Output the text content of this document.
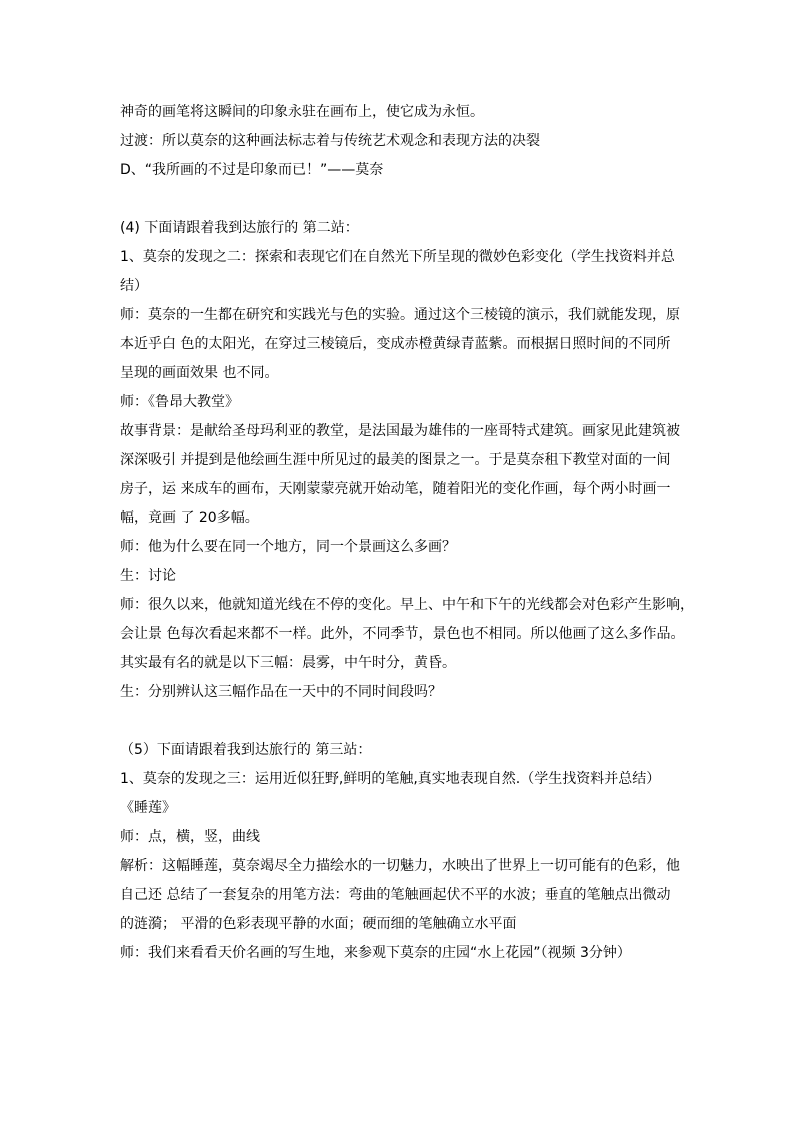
神奇的画笔将这瞬间的印象永驻在画布上，使它成为永恒。
过渡：所以莫奈的这种画法标志着与传统艺术观念和表现方法的决裂
D、“我所画的不过是印象而已！”——莫奈
(4) 下面请跟着我到达旅行的 第二站：
1、莫奈的发现之二：探索和表现它们在自然光下所呈现的微妙色彩变化（学生找资料并总
结）
师：莫奈的一生都在研究和实践光与色的实验。通过这个三棱镜的演示，我们就能发现，原
本近乎白 色的太阳光，在穿过三棱镜后，变成赤橙黄绿青蓝紫。而根据日照时间的不同所
呈现的画面效果 也不同。
师：《鲁昂大教堂》
故事背景：是献给圣母玛利亚的教堂，是法国最为雄伟的一座哥特式建筑。画家见此建筑被
深深吸引 并提到是他绘画生涯中所见过的最美的图景之一。于是莫奈租下教堂对面的一间
房子，运 来成车的画布，天刚蒙蒙亮就开始动笔，随着阳光的变化作画，每个两小时画一
幅，竟画 了 20多幅。
师：他为什么要在同一个地方，同一个景画这么多画？
生：讨论
师：很久以来，他就知道光线在不停的变化。早上、中午和下午的光线都会对色彩产生影响，
会让景 色每次看起来都不一样。此外，不同季节，景色也不相同。所以他画了这么多作品。
其实最有名的就是以下三幅：晨雾，中午时分，黄昏。
生：分别辨认这三幅作品在一天中的不同时间段吗？
（5）下面请跟着我到达旅行的 第三站：
1、莫奈的发现之三：运用近似狂野,鲜明的笔触,真实地表现自然.（学生找资料并总结）
《睡莲》
师：点，横，竖，曲线
解析：这幅睡莲，莫奈竭尽全力描绘水的一切魅力，水映出了世界上一切可能有的色彩，他
自己还 总结了一套复杂的用笔方法：弯曲的笔触画起伏不平的水波；垂直的笔触点出微动
的涟漪； 平滑的色彩表现平静的水面；硬而细的笔触确立水平面
师：我们来看看天价名画的写生地，来参观下莫奈的庄园“水上花园”（视频 3分钟）
